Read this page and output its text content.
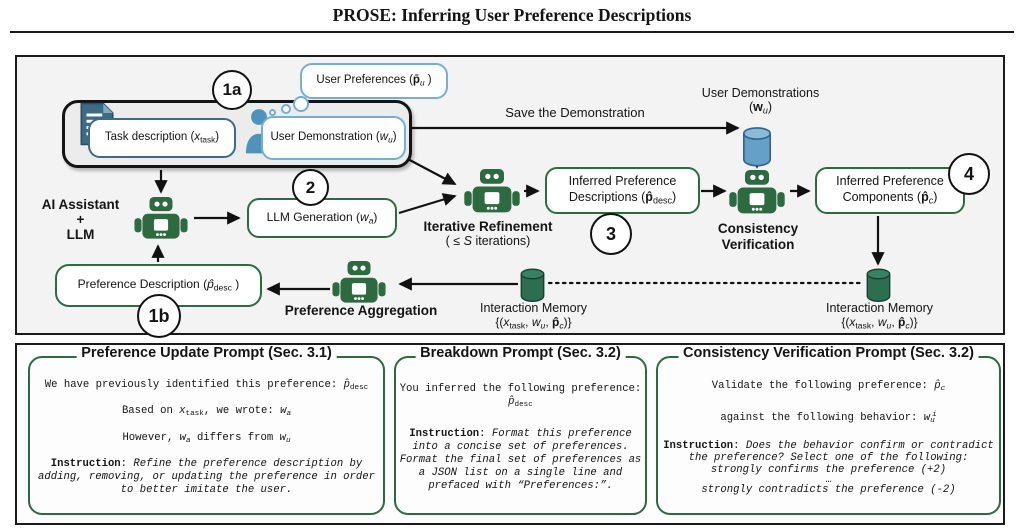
PROSE: Inferring User Preference Descriptions
Task description $(x_{task})$	User Demonstration $(w_u)$
User Preferences ($p̄_u$ )
1a
Save the Demonstration
User Demonstrations
$(w_u)$
AI Assistant
+
LLM
LLM Generation $(w_a)$
2
Iterative Refinement
( ≤ S iterations)
Inferred Preference
Descriptions $(p̂_{desc})$
3	Consistency
Verification
Inferred Preference
Components $(p̂_c)$
4
Interaction Memory
{($x_{task}$, $w_u$, $p̂_c$)}
Interaction Memory
{($x_{task}$, $w_u$, $p̂_c$)}
Preference Aggregation
Preference Description ($p̂_{desc}$ )
1b
Preference Update Prompt (Sec. 3.1)
We have previously identified this preference: $p̂_{desc}$
Based on $x_{task}$, we wrote: $w_a$
However, $w_a$ differs from $w_u$
Instruction: Refine the preference description by adding, removing, or updating the preference in order to better imitate the user.
Breakdown Prompt (Sec. 3.2)
You inferred the following preference: $p̂_{desc}$
Instruction: Format this preference into a concise set of preferences. Format the final set of preferences as a JSON list on a single line and prefaced with “Preferences:”.
Consistency Verification Prompt (Sec. 3.2)
Validate the following preference: $p̂_c$
against the following behavior: $w_u^i$
Instruction: Does the behavior confirm or contradict the preference? Select one of the following:
strongly confirms the preference (+2)
…
strongly contradicts the preference (-2)
